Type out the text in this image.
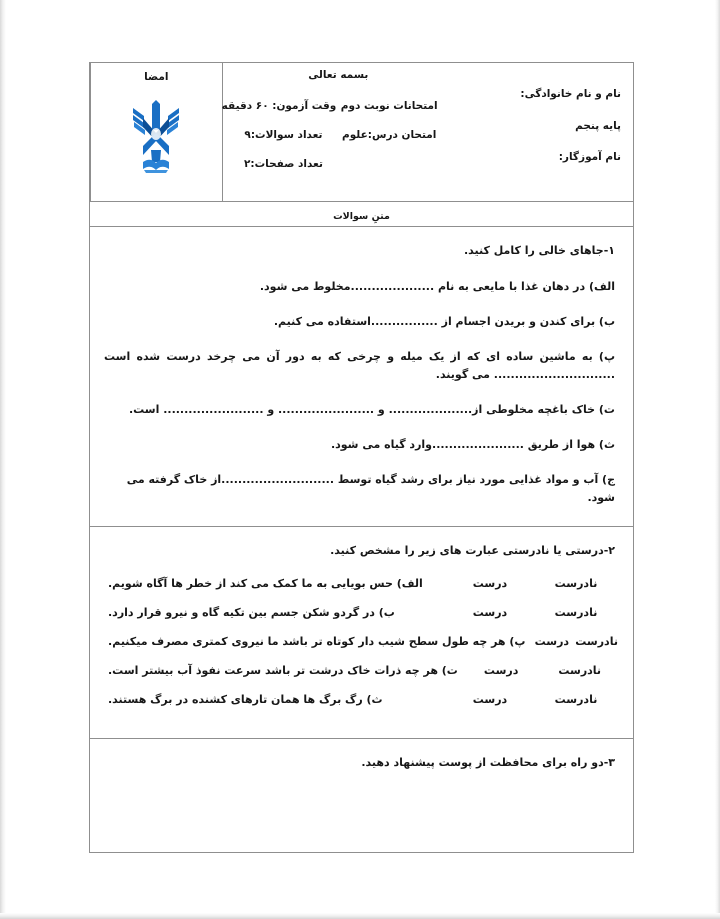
نام و نام خانوادگی:
پایه پنجم
نام آموزگار:
بسمه تعالی
امتحانات نوبت دوم
وقت آزمون: ۶۰ دقیقه
امتحان درس:علوم
تعداد سوالات:۹
تعداد صفحات:۲
امضا
متنِ سوالات
۱-جاهای خالی را کامل کنید.
الف) در دهان غذا با مایعی به نام ....................مخلوط می شود.
ب) برای کندن و بریدن اجسام از ................استفاده می کنیم.
پ) به ماشین ساده ای که از یک میله و چرخی که به دور آن می چرخد درست شده است ............................. می گویند.
ت) خاک باغچه مخلوطی از.................... و ....................... و ........................ است.
ث) هوا از طریق ......................وارد گیاه می شود.
ج) آب و مواد غذایی مورد نیاز برای رشد گیاه توسط ...........................از خاک گرفته می شود.
۲-درستی یا نادرستی عبارت های زیر را مشخص کنید.
نادرست
درست
الف) حس بویایی به ما کمک می کند از خطر ها آگاه شویم.
نادرست
درست
ب) در گردو شکن جسم بین تکیه گاه و نیرو قرار دارد.
نادرست
درست
پ) هر چه طول سطح شیب دار کوتاه تر باشد ما نیروی کمتری مصرف میکنیم.
نادرست
درست
ت) هر چه ذرات خاک درشت تر باشد سرعت نفوذ آب بیشتر است.
نادرست
درست
ث) رگ برگ ها همان تارهای کشنده در برگ هستند.
۳-دو راه برای محافظت از پوست پیشنهاد دهید.
